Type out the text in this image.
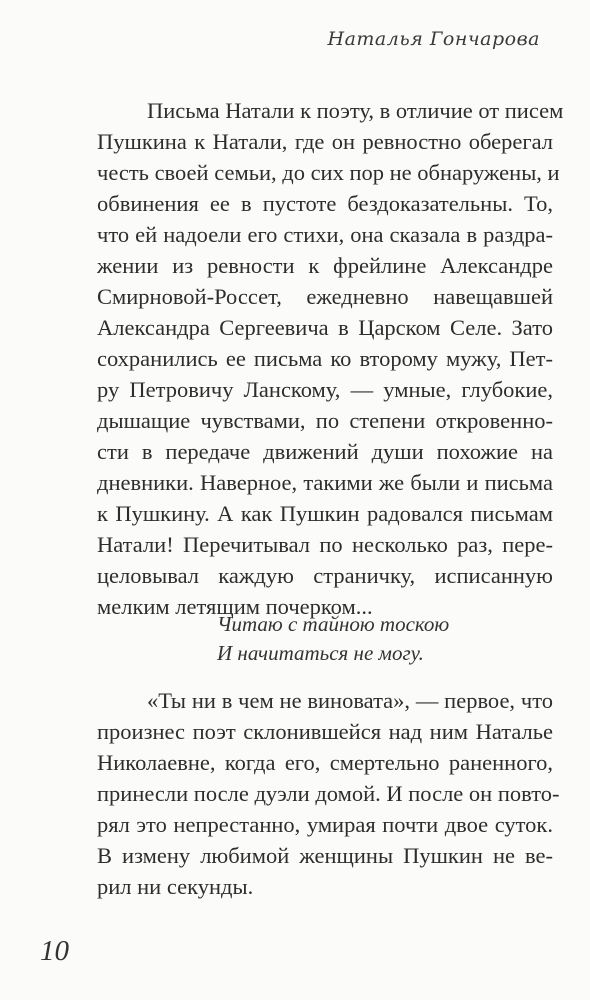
Наталья Гончарова
Письма Натали к поэту, в отличие от писем
Пушкина к Натали, где он ревностно оберегал
честь своей семьи, до сих пор не обнаружены, и
обвинения ее в пустоте бездоказательны. То,
что ей надоели его стихи, она сказала в раздра-
жении из ревности к фрейлине Александре
Смирновой-Россет, ежедневно навещавшей
Александра Сергеевича в Царском Селе. Зато
сохранились ее письма ко второму мужу, Пет-
ру Петровичу Ланскому, — умные, глубокие,
дышащие чувствами, по степени откровенно-
сти в передаче движений души похожие на
дневники. Наверное, такими же были и письма
к Пушкину. А как Пушкин радовался письмам
Натали! Перечитывал по несколько раз, пере-
целовывал каждую страничку, исписанную
мелким летящим почерком...
Читаю с тайною тоскою
И начитаться не могу.
«Ты ни в чем не виновата», — первое, что
произнес поэт склонившейся над ним Наталье
Николаевне, когда его, смертельно раненного,
принесли после дуэли домой. И после он повто-
рял это непрестанно, умирая почти двое суток.
В измену любимой женщины Пушкин не ве-
рил ни секунды.
10
